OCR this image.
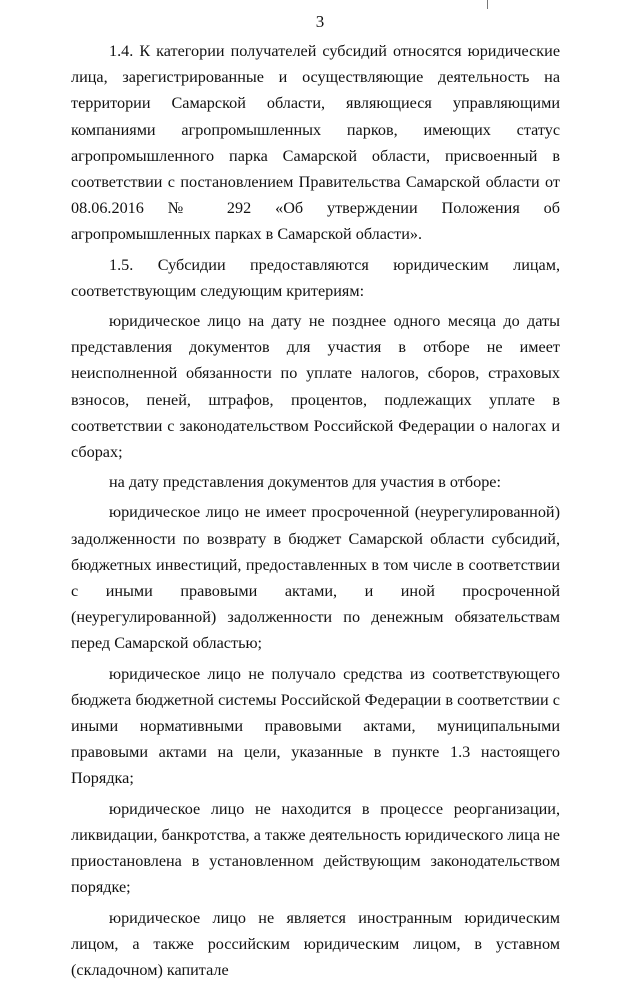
3

1.4. К категории получателей субсидий относятся юридические лица, зарегистрированные и осуществляющие деятельность на территории Самарской области, являющиеся управляющими компаниями агропромышленных парков, имеющих статус агропромышленного парка Самарской области, присвоенный в соответствии с постановлением Правительства Самарской области от 08.06.2016 № 292 «Об утверждении Положения об агропромышленных парках в Самарской области».

1.5. Субсидии предоставляются юридическим лицам, соответствующим следующим критериям:

юридическое лицо на дату не позднее одного месяца до даты представления документов для участия в отборе не имеет неисполненной обязанности по уплате налогов, сборов, страховых взносов, пеней, штрафов, процентов, подлежащих уплате в соответствии с законодательством Российской Федерации о налогах и сборах;

на дату представления документов для участия в отборе:

юридическое лицо не имеет просроченной (неурегулированной) задолженности по возврату в бюджет Самарской области субсидий, бюджетных инвестиций, предоставленных в том числе в соответствии с иными правовыми актами, и иной просроченной (неурегулированной) задолженности по денежным обязательствам перед Самарской областью;

юридическое лицо не получало средства из соответствующего бюджета бюджетной системы Российской Федерации в соответствии с иными нормативными правовыми актами, муниципальными правовыми актами на цели, указанные в пункте 1.3 настоящего Порядка;

юридическое лицо не находится в процессе реорганизации, ликвидации, банкротства, а также деятельность юридического лица не приостановлена в установленном действующим законодательством порядке;

юридическое лицо не является иностранным юридическим лицом, а также российским юридическим лицом, в уставном (складочном) капитале
